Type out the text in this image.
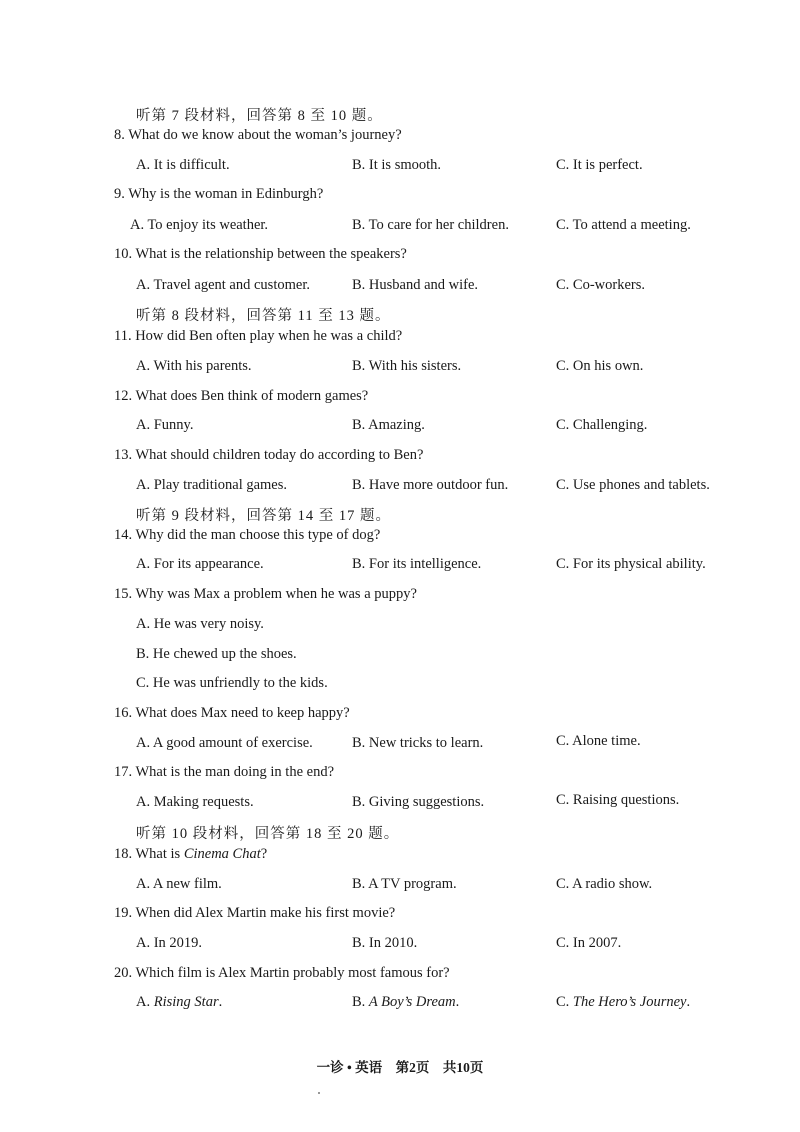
听第 7 段材料，回答第 8 至 10 题。
8. What do we know about the woman’s journey?
A. It is difficult.	B. It is smooth.	C. It is perfect.
9. Why is the woman in Edinburgh?
A. To enjoy its weather.	B. To care for her children.	C. To attend a meeting.
10. What is the relationship between the speakers?
A. Travel agent and customer.	B. Husband and wife.	C. Co-workers.
听第 8 段材料，回答第 11 至 13 题。
11. How did Ben often play when he was a child?
A. With his parents.	B. With his sisters.	C. On his own.
12. What does Ben think of modern games?
A. Funny.	B. Amazing.	C. Challenging.
13. What should children today do according to Ben?
A. Play traditional games.	B. Have more outdoor fun.	C. Use phones and tablets.
听第 9 段材料，回答第 14 至 17 题。
14. Why did the man choose this type of dog?
A. For its appearance.	B. For its intelligence.	C. For its physical ability.
15. Why was Max a problem when he was a puppy?
A. He was very noisy.
B. He chewed up the shoes.
C. He was unfriendly to the kids.
16. What does Max need to keep happy?
A. A good amount of exercise.	B. New tricks to learn.	C. Alone time.
17. What is the man doing in the end?
A. Making requests.	B. Giving suggestions.	C. Raising questions.
听第 10 段材料，回答第 18 至 20 题。
18. What is Cinema Chat?
A. A new film.	B. A TV program.	C. A radio show.
19. When did Alex Martin make his first movie?
A. In 2019.	B. In 2010.	C. In 2007.
20. Which film is Alex Martin probably most famous for?
A. Rising Star.	B. A Boy’s Dream.	C. The Hero’s Journey.
一诊 • 英语　第2页　共10页
